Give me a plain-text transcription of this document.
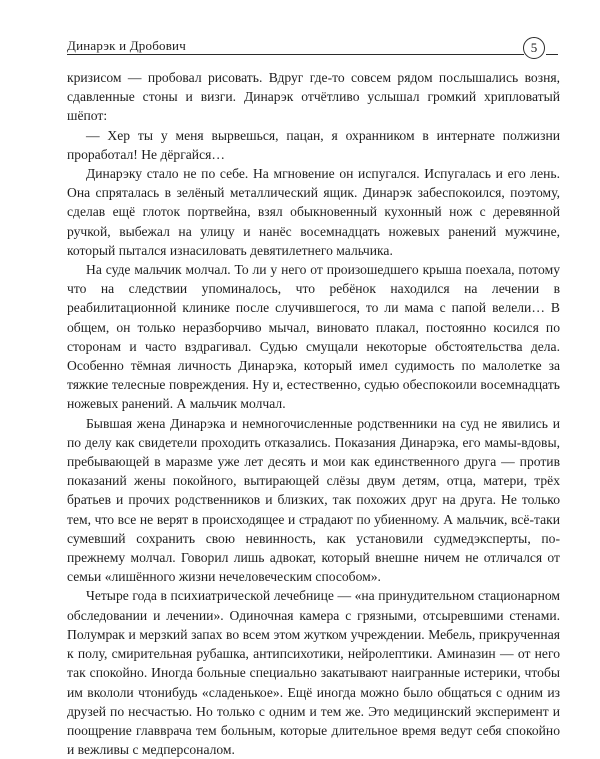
Динарэк и Дробович	5

кризисом — пробовал рисовать. Вдруг где-то совсем рядом послышались возня, сдавленные стоны и визги. Динарэк отчётливо услышал громкий хрипловатый шёпот:

— Хер ты у меня вырвешься, пацан, я охранником в интернате полжизни проработал! Не дёргайся…

Динарэку стало не по себе. На мгновение он испугался. Испугалась и его лень. Она спряталась в зелёный металлический ящик. Динарэк забеспокоился, поэтому, сделав ещё глоток портвейна, взял обыкновенный кухонный нож с деревянной ручкой, выбежал на улицу и нанёс восемнадцать ножевых ранений мужчине, который пытался изнасиловать девятилетнего мальчика.

На суде мальчик молчал. То ли у него от произошедшего крыша поехала, потому что на следствии упоминалось, что ребёнок находился на лечении в реабилитационной клинике после случившегося, то ли мама с папой велели… В общем, он только неразборчиво мычал, виновато плакал, постоянно косился по сторонам и часто вздрагивал. Судью смущали некоторые обстоятельства дела. Особенно тёмная личность Динарэка, который имел судимость по малолетке за тяжкие телесные повреждения. Ну и, естественно, судью обеспокоили восемнадцать ножевых ранений. А мальчик молчал.

Бывшая жена Динарэка и немногочисленные родственники на суд не явились и по делу как свидетели проходить отказались. Показания Динарэка, его мамы-вдовы, пребывающей в маразме уже лет десять и мои как единственного друга — против показаний жены покойного, вытирающей слёзы двум детям, отца, матери, трёх братьев и прочих родственников и близких, так похожих друг на друга. Не только тем, что все не верят в происходящее и страдают по убиенному. А мальчик, всё-таки сумевший сохранить свою невинность, как установили судмедэксперты, по-прежнему молчал. Говорил лишь адвокат, который внешне ничем не отличался от семьи «лишённого жизни нечеловеческим способом».

Четыре года в психиатрической лечебнице — «на принудительном стационарном обследовании и лечении». Одиночная камера с грязными, отсыревшими стенами. Полумрак и мерзкий запах во всем этом жутком учреждении. Мебель, прикрученная к полу, смирительная рубашка, антипсихотики, нейролептики. Аминазин — от него так спокойно. Иногда больные специально закатывают наигранные истерики, чтобы им вкололи чтонибудь «сладенькое». Ещё иногда можно было общаться с одним из друзей по несчастью. Но только с одним и тем же. Это медицинский эксперимент и поощрение главврача тем больным, которые длительное время ведут себя спокойно и вежливы с медперсоналом.
